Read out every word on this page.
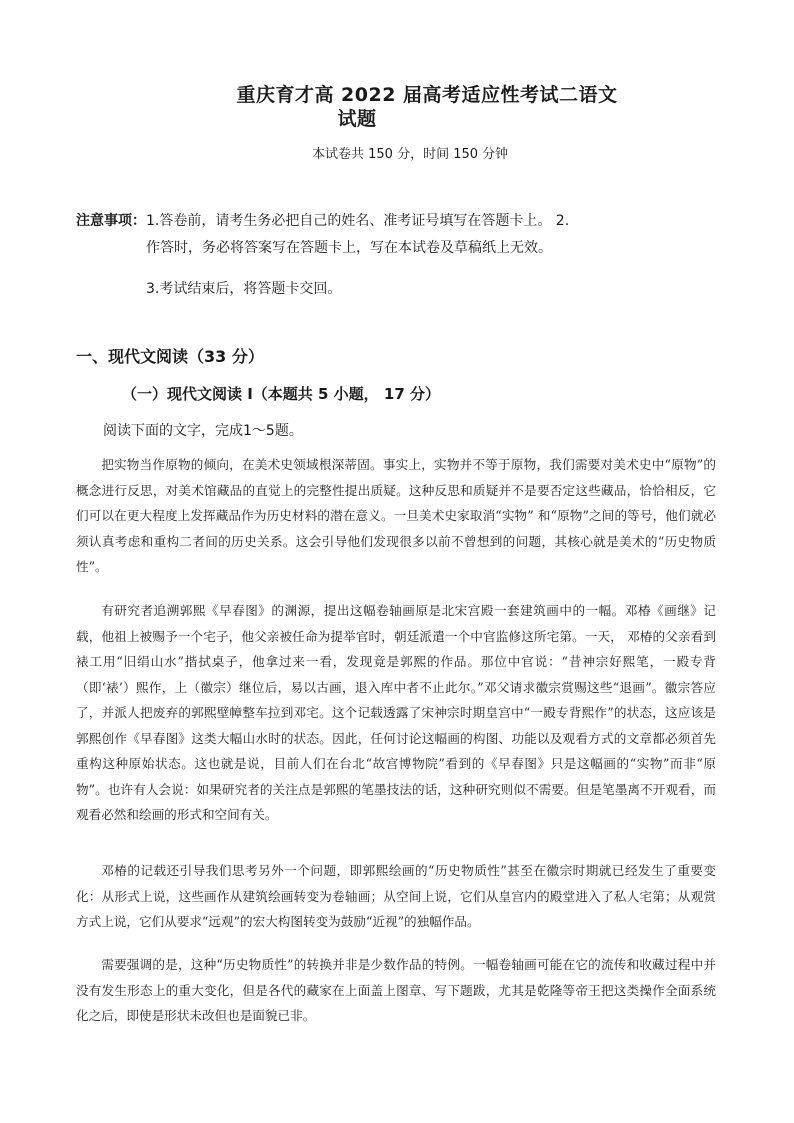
重庆育才高 2022 届高考适应性考试二语文
试题
本试卷共 150 分，时间 150 分钟
注意事项： 1.答卷前，请考生务必把自己的姓名、准考证号填写在答题卡上。 2.
作答时，务必将答案写在答题卡上，写在本试卷及草稿纸上无效。
3.考试结束后，将答题卡交回。
一、现代文阅读（33 分）
（一）现代文阅读 I（本题共 5 小题， 17 分）
阅读下面的文字，完成1～5题。

把实物当作原物的倾向，在美术史领域根深蒂固。事实上，实物并不等于原物，我们需要对美术史中“原物”的概念进行反思，对美术馆藏品的直觉上的完整性提出质疑。这种反思和质疑并不是要否定这些藏品，恰恰相反，它们可以在更大程度上发挥藏品作为历史材料的潜在意义。一旦美术史家取消“实物” 和“原物”之间的等号，他们就必须认真考虑和重构二者间的历史关系。这会引导他们发现很多以前不曾想到的问题，其核心就是美术的“历史物质性”。

有研究者追溯郭熙《早春图》的渊源，提出这幅卷轴画原是北宋宫殿一套建筑画中的一幅。邓椿《画继》记载，他祖上被赐予一个宅子，他父亲被任命为提举官时，朝廷派遣一个中官监修这所宅第。一天， 邓椿的父亲看到裱工用“旧绢山水”揩拭桌子，他拿过来一看，发现竟是郭熙的作品。那位中官说：“昔神宗好熙笔，一殿专背（即‘裱’）熙作，上（徽宗）继位后，易以古画，退入库中者不止此尔。”邓父请求徽宗赏赐这些“退画”。徽宗答应了，并派人把废弃的郭熙壁幛整车拉到邓宅。这个记载透露了宋神宗时期皇宫中“一殿专背熙作”的状态，这应该是郭熙创作《早春图》这类大幅山水时的状态。因此，任何讨论这幅画的构图、功能以及观看方式的文章都必须首先重构这种原始状态。这也就是说，目前人们在台北“故宫博物院”看到的《早春图》只是这幅画的“实物”而非“原物”。也许有人会说：如果研究者的关注点是郭熙的笔墨技法的话，这种研究则似不需要。但是笔墨离不开观看，而观看必然和绘画的形式和空间有关。

邓椿的记载还引导我们思考另外一个问题，即郭熙绘画的“历史物质性”甚至在徽宗时期就已经发生了重要变化：从形式上说，这些画作从建筑绘画转变为卷轴画；从空间上说，它们从皇宫内的殿堂进入了私人宅第；从观赏方式上说，它们从要求“远观”的宏大构图转变为鼓励“近视”的独幅作品。

需要强调的是，这种“历史物质性”的转换并非是少数作品的特例。一幅卷轴画可能在它的流传和收藏过程中并没有发生形态上的重大变化，但是各代的藏家在上面盖上图章、写下题跋，尤其是乾隆等帝王把这类操作全面系统化之后，即使是形状未改但也是面貌已非。
